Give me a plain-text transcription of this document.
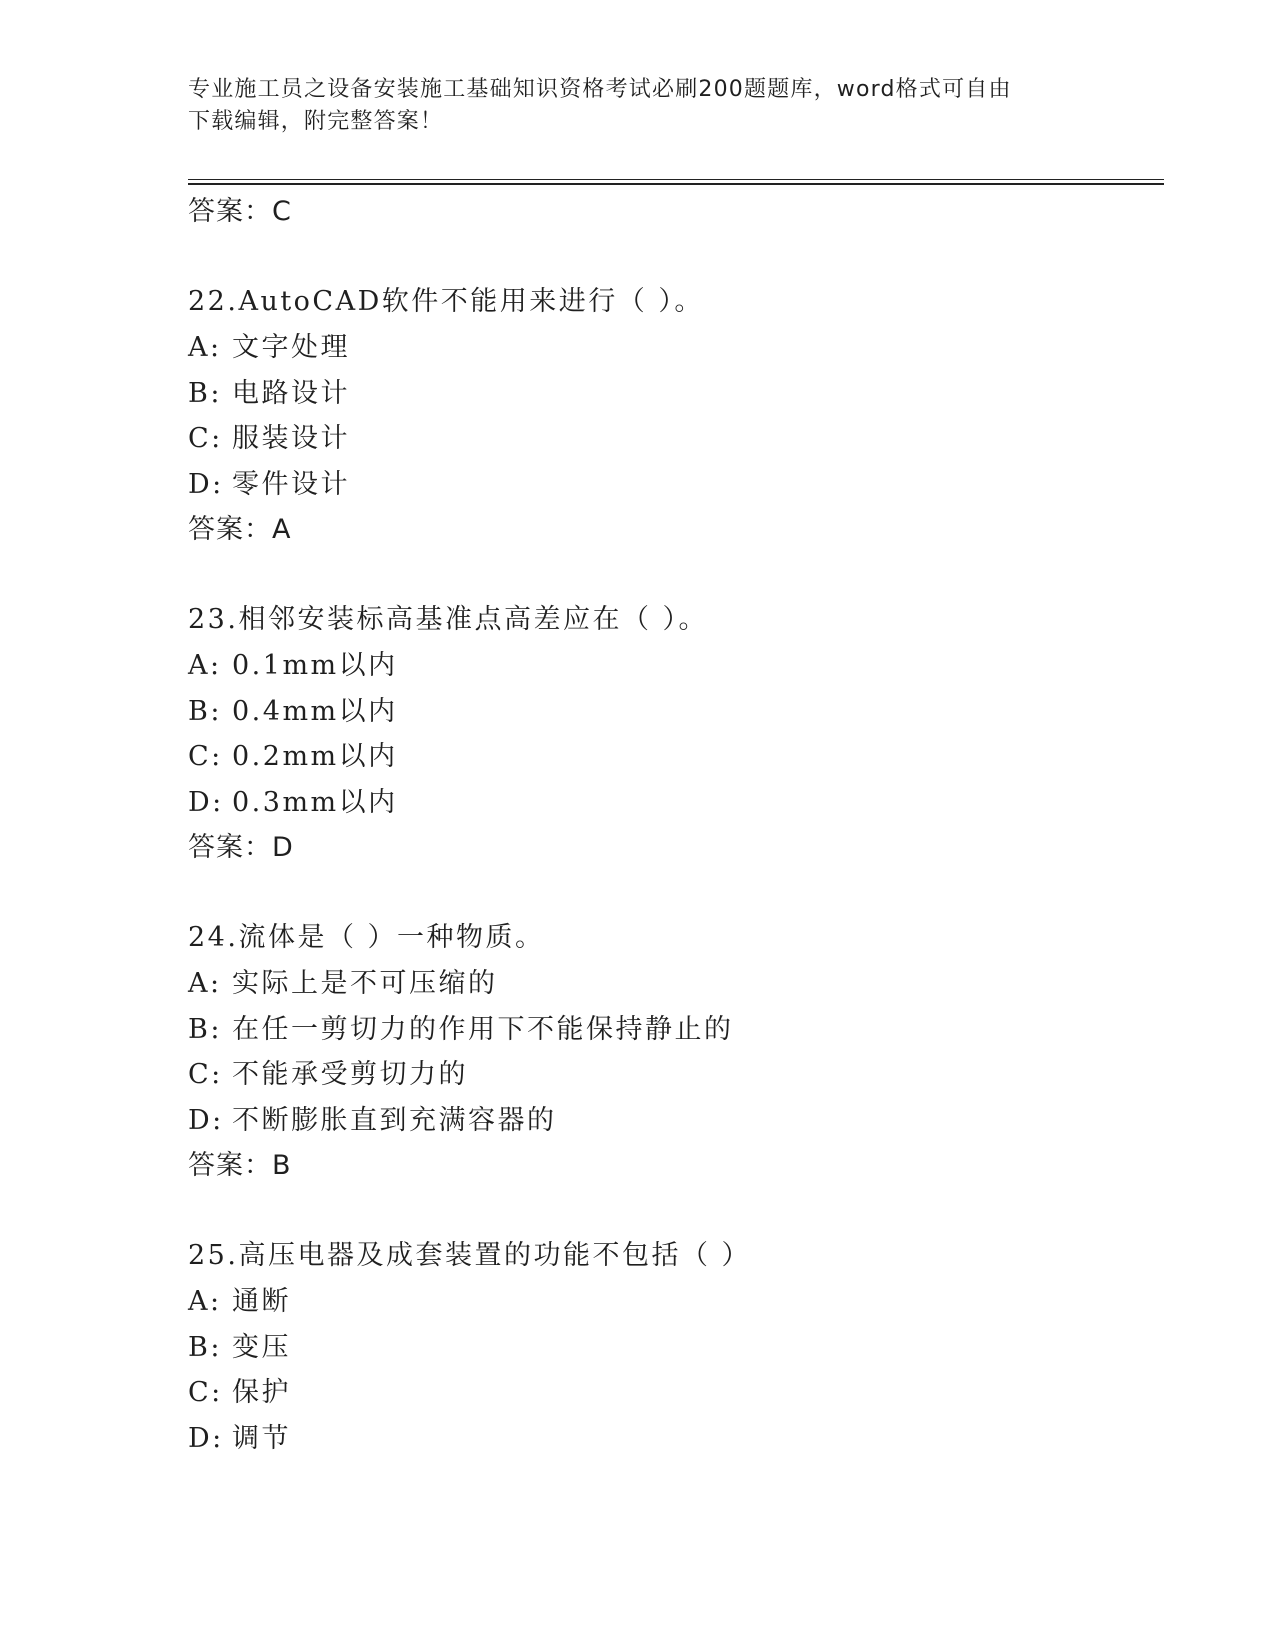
专业施工员之设备安装施工基础知识资格考试必刷200题题库，word格式可自由
下载编辑，附完整答案！
答案：C
22.AutoCAD软件不能用来进行（ ）。
A: 文字处理
B: 电路设计
C: 服装设计
D: 零件设计
答案：A
23.相邻安装标高基准点高差应在（ ）。
A: 0.1mm以内
B: 0.4mm以内
C: 0.2mm以内
D: 0.3mm以内
答案：D
24.流体是（ ）一种物质。
A: 实际上是不可压缩的
B: 在任一剪切力的作用下不能保持静止的
C: 不能承受剪切力的
D: 不断膨胀直到充满容器的
答案：B
25.高压电器及成套装置的功能不包括（ ）
A: 通断
B: 变压
C: 保护
D: 调节
